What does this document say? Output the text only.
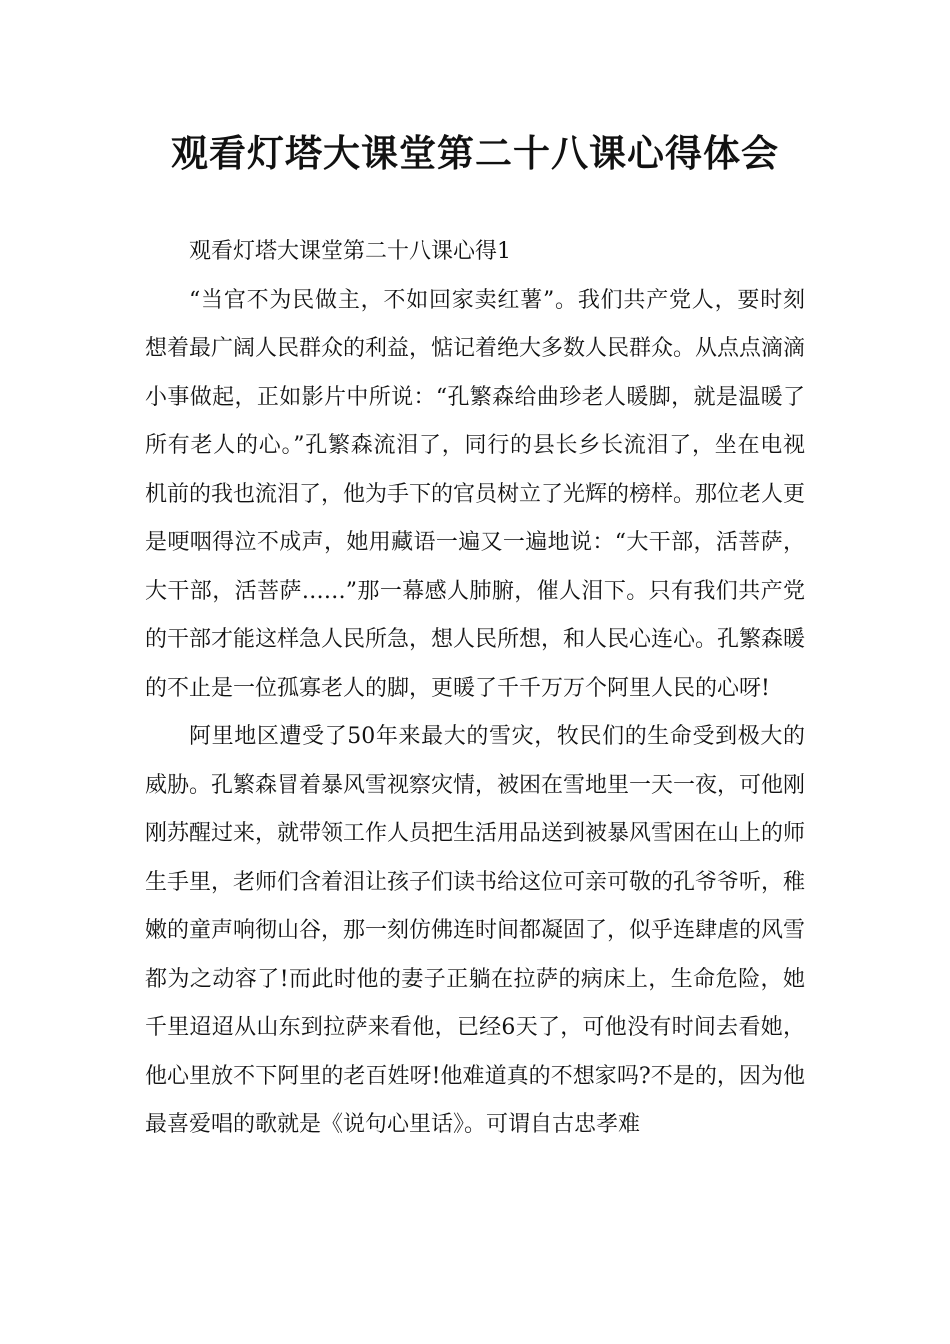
观看灯塔大课堂第二十八课心得体会

观看灯塔大课堂第二十八课心得1

“当官不为民做主，不如回家卖红薯”。我们共产党人，要时刻想着最广阔人民群众的利益，惦记着绝大多数人民群众。从点点滴滴小事做起，正如影片中所说：“孔繁森给曲珍老人暖脚，就是温暖了所有老人的心。”孔繁森流泪了，同行的县长乡长流泪了，坐在电视机前的我也流泪了，他为手下的官员树立了光辉的榜样。那位老人更是哽咽得泣不成声，她用藏语一遍又一遍地说：“大干部，活菩萨，大干部，活菩萨……”那一幕感人肺腑，催人泪下。只有我们共产党的干部才能这样急人民所急，想人民所想，和人民心连心。孔繁森暖的不止是一位孤寡老人的脚，更暖了千千万万个阿里人民的心呀!

阿里地区遭受了50年来最大的雪灾，牧民们的生命受到极大的威胁。孔繁森冒着暴风雪视察灾情，被困在雪地里一天一夜，可他刚刚苏醒过来，就带领工作人员把生活用品送到被暴风雪困在山上的师生手里，老师们含着泪让孩子们读书给这位可亲可敬的孔爷爷听，稚嫩的童声响彻山谷，那一刻仿佛连时间都凝固了，似乎连肆虐的风雪都为之动容了!而此时他的妻子正躺在拉萨的病床上，生命危险，她千里迢迢从山东到拉萨来看他，已经6天了，可他没有时间去看她，他心里放不下阿里的老百姓呀!他难道真的不想家吗?不是的，因为他最喜爱唱的歌就是《说句心里话》。可谓自古忠孝难
